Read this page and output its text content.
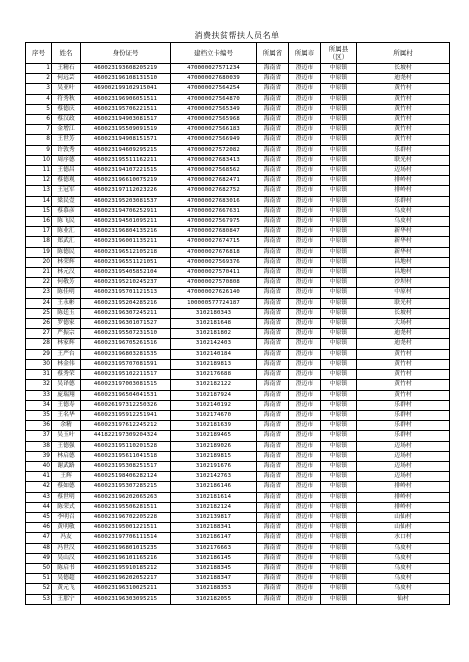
消费扶贫帮扶人员名单
序号	姓名	身份证号	建档立卡编号	所属省	所属市	所属县（区）	所属村
1	王精石	460023193608205219	470000027571234	海南省	澄迈市	中原镇	长坡村
2	何远芸	460023196108131510	470000027680039	海南省	澄迈市	中原镇	迪尧村
3	吴亚叶	469002199102915041	470000027564254	海南省	澄迈市	中原镇	黄竹村
4	符秀秋	460023196906051511	470000027564870	海南省	澄迈市	中原镇	黄竹村
5	蔡德庆	460023195706221511	470000027565349	海南省	澄迈市	中原镇	黄竹村
6	蔡汉政	460023194903081517	470000027565968	海南省	澄迈市	中原镇	黄竹村
7	金增江	460023195509091519	470000027566183	海南省	澄迈市	中原镇	黄竹村
8	王世芳	460023194908151571	470000027566949	海南省	澄迈市	中原镇	黄竹村
9	许敦秀	460023194609295215	470000027572082	海南省	澄迈市	中原镇	乐群村
10	周序德	460023195511162211	470000027683413	海南省	澄迈市	中原镇	联光村
11	王德昌	460023194107221515	470000027568562	海南省	澄迈市	中原镇	迈场村
12	蔡德观	460023196610075219	470000027682471	海南省	澄迈市	中原镇	排岭村
13	王冠军	460023197112023226	470000027682752	海南省	澄迈市	中原镇	排岭村
14	梁民壹	460023195203081537	470000027683016	海南省	澄迈市	中原镇	乐群村
15	蔡慕彦	460023194706252911	470000027667631	海南省	澄迈市	中原镇	乌皮村
16	陈飞民	460023194501095211	470000027567975	海南省	澄迈市	中原镇	乌皮村
17	陈业汇	460023196804135216	470000027680847	海南省	澄迈市	中原镇	新华村
18	郑武汇	460023196001135211	470000027674715	海南省	澄迈市	中原镇	新华村
19	陈德民	460023196512105218	470000027676818	海南省	澄迈市	中原镇	新华村
20	林荣辉	460023196551121051	470000027569376	海南省	澄迈市	中原镇	昌地村
21	林元汉	460023195405852104	470000027570411	海南省	澄迈市	中原镇	昌地村
22	何敬芳	460023195210245237	470000027570808	海南省	澄迈市	中原镇	沙坝村
23	陈佳明	460023195701121513	470000027626140	海南省	澄迈市	中原镇	中原村
24	王永彬	460023195204285216	100000577724187	海南省	澄迈市	中原镇	联光村
25	陈廷玉	460023196307245211	3102180343	海南省	澄迈市	中原镇	长坡村
26	罗德家	460023196301071527	3102181648	海南省	澄迈市	中原镇	大场村
27	严振宗	460023195507231510	3102181802	海南省	澄迈市	中原镇	迪尧村
28	林家辉	460023196705261516	3102142403	海南省	澄迈市	中原镇	迪尧村
29	王严台	460023196803281535	3102140184	海南省	澄迈市	中原镇	黄竹村
30	林金伟	460023195707081591	3102189813	海南省	澄迈市	中原镇	黄竹村
31	蔡秀荣	460023195102211517	3102176688	海南省	澄迈市	中原镇	黄竹村
32	吴译德	460023197003081515	3102182122	海南省	澄迈市	中原镇	黄竹村
33	庞瑞翔	460023196504041531	3102187924	海南省	澄迈市	中原镇	黄竹村
34	王德寿	460026197312250326	3102140192	海南省	澄迈市	中原镇	乐群村
35	王名华	460023195912251941	3102174670	海南省	澄迈市	中原镇	乐群村
36	余精	460023197612245212	3102181639	海南省	澄迈市	中原镇	乐群村
37	吴玉叶	441822197309204324	3102189465	海南省	澄迈市	中原镇	乐群村
38	王德强	460023195110201528	3102189026	海南省	澄迈市	中原镇	迈场村
39	林启德	460023195611041518	3102189815	海南省	澄迈市	中原镇	迈场村
40	谢武路	460023195308251517	3102191676	海南省	澄迈市	中原镇	迈场村
41	王辉	460025198406282124	3102142763	海南省	澄迈市	中原镇	迈场村
42	蔡如德	460023195307285215	3102186146	海南省	澄迈市	中原镇	排岭村
43	蔡世明	460023196202065263	3102181614	海南省	澄迈市	中原镇	排岭村
44	陈荣式	460023195506281511	3102182124	海南省	澄迈市	中原镇	排岭村
45	李明召	460023196702205228	3102139817	海南省	澄迈市	中原镇	山仙村
46	黄明敬	460023195001221511	3102188341	海南省	澄迈市	中原镇	山仙村
47	冯友	460023197706111514	3102186147	海南省	澄迈市	中原镇	水口村
48	冯世汉	460023196801015235	3102176663	海南省	澄迈市	中原镇	乌皮村
49	吴山汉	460023196101165216	3102186145	海南省	澄迈市	中原镇	乌皮村
50	陈启书	460023195910185212	3102188345	海南省	澄迈市	中原镇	乌皮村
51	吴德超	460023196202052217	3102188347	海南省	澄迈市	中原镇	乌皮村
52	黄元飞	460023196310025211	3102188353	海南省	澄迈市	中原镇	乌皮村
53	王那宁	460023196303095215	3102182055	海南省	澄迈市	中原镇	仙村
